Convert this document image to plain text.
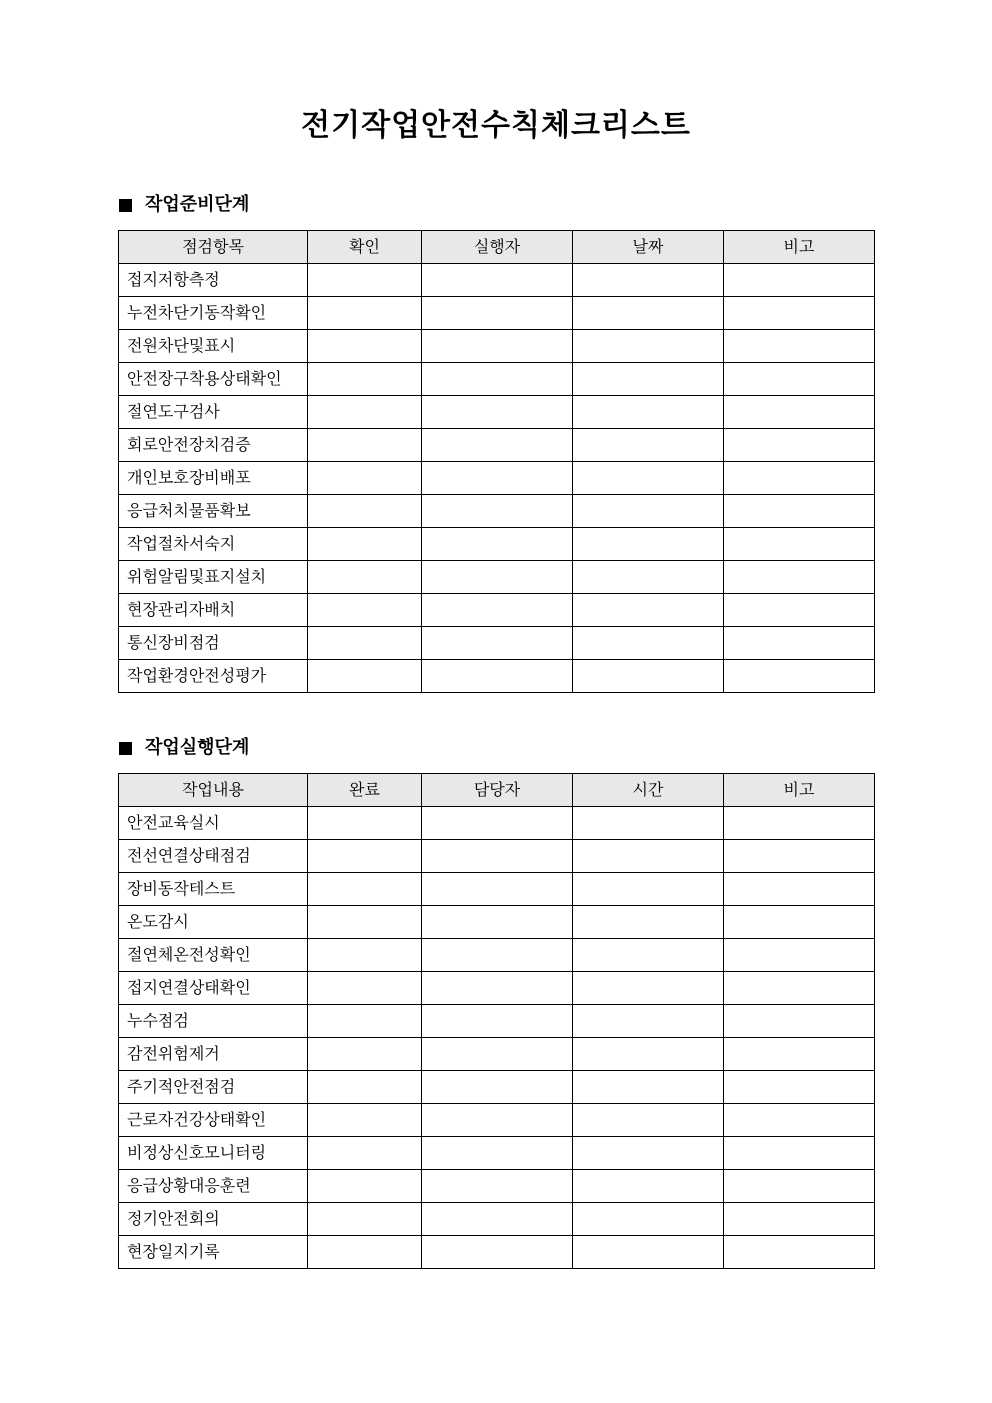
전기작업안전수칙체크리스트
작업준비단계
점검항목	확인	실행자	날짜	비고
접지저항측정				
누전차단기동작확인				
전원차단및표시				
안전장구착용상태확인				
절연도구검사				
회로안전장치검증				
개인보호장비배포				
응급처치물품확보				
작업절차서숙지				
위험알림및표지설치				
현장관리자배치				
통신장비점검				
작업환경안전성평가				
작업실행단계
작업내용	완료	담당자	시간	비고
안전교육실시				
전선연결상태점검				
장비동작테스트				
온도감시				
절연체온전성확인				
접지연결상태확인				
누수점검				
감전위험제거				
주기적안전점검				
근로자건강상태확인				
비정상신호모니터링				
응급상황대응훈련				
정기안전회의				
현장일지기록				
